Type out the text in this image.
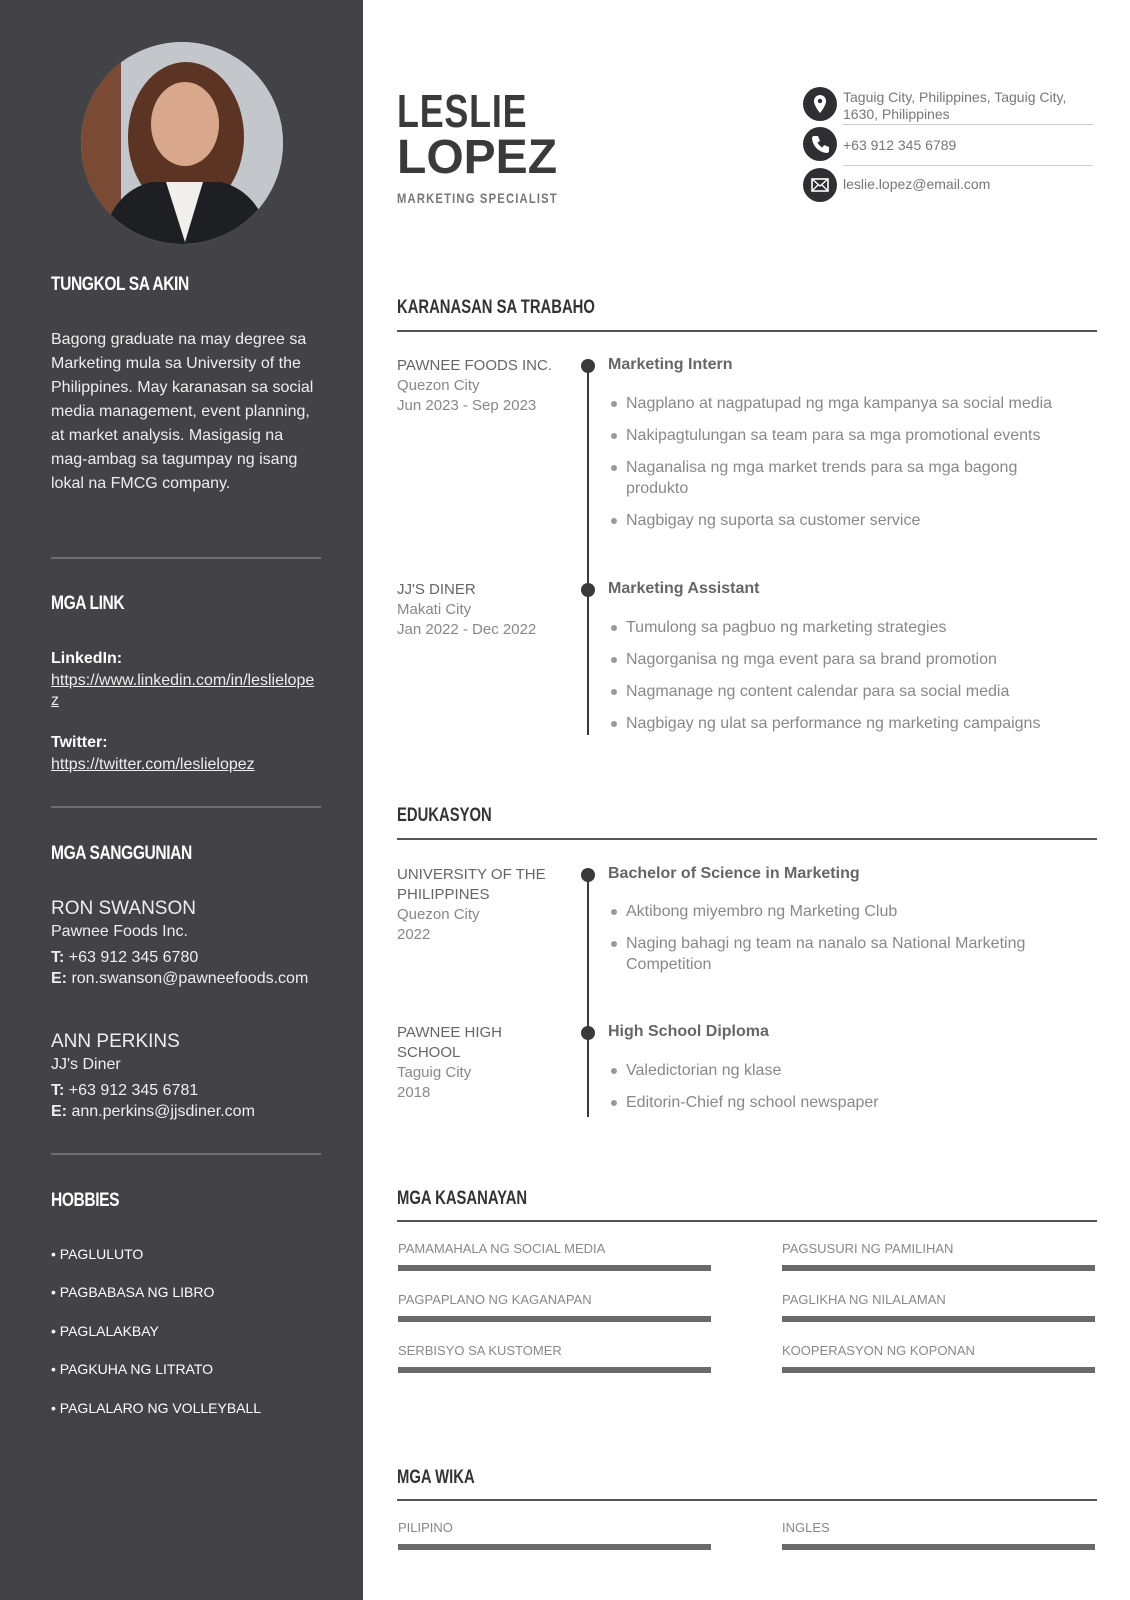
TUNGKOL SA AKIN
Bagong graduate na may degree sa Marketing mula sa University of the Philippines. May karanasan sa social media management, event planning, at market analysis. Masigasig na mag-ambag sa tagumpay ng isang lokal na FMCG company.
MGA LINK
LinkedIn:
https://www.linkedin.com/in/leslielopez
Twitter:
https://twitter.com/leslielopez
MGA SANGGUNIAN
RON SWANSON
Pawnee Foods Inc.
T: +63 912 345 6780
E: ron.swanson@pawneefoods.com
ANN PERKINS
JJ's Diner
T: +63 912 345 6781
E: ann.perkins@jjsdiner.com
HOBBIES
• PAGLULUTO
• PAGBABASA NG LIBRO
• PAGLALAKBAY
• PAGKUHA NG LITRATO
• PAGLALARO NG VOLLEYBALL
LESLIE
LOPEZ
MARKETING SPECIALIST
Taguig City, Philippines, Taguig City, 1630, Philippines
+63 912 345 6789
leslie.lopez@email.com
KARANASAN SA TRABAHO
PAWNEE FOODS INC.
Quezon City
Jun 2023 - Sep 2023
Marketing Intern
Nagplano at nagpatupad ng mga kampanya sa social media
Nakipagtulungan sa team para sa mga promotional events
Naganalisa ng mga market trends para sa mga bagong produkto
Nagbigay ng suporta sa customer service
JJ'S DINER
Makati City
Jan 2022 - Dec 2022
Marketing Assistant
Tumulong sa pagbuo ng marketing strategies
Nagorganisa ng mga event para sa brand promotion
Nagmanage ng content calendar para sa social media
Nagbigay ng ulat sa performance ng marketing campaigns
EDUKASYON
UNIVERSITY OF THE PHILIPPINES
Quezon City
2022
Bachelor of Science in Marketing
Aktibong miyembro ng Marketing Club
Naging bahagi ng team na nanalo sa National Marketing Competition
PAWNEE HIGH SCHOOL
Taguig City
2018
High School Diploma
Valedictorian ng klase
Editorin-Chief ng school newspaper
MGA KASANAYAN
PAMAMAHALA NG SOCIAL MEDIA	PAGSUSURI NG PAMILIHAN
PAGPAPLANO NG KAGANAPAN	PAGLIKHA NG NILALAMAN
SERBISYO SA KUSTOMER	KOOPERASYON NG KOPONAN
MGA WIKA
PILIPINO	INGLES
